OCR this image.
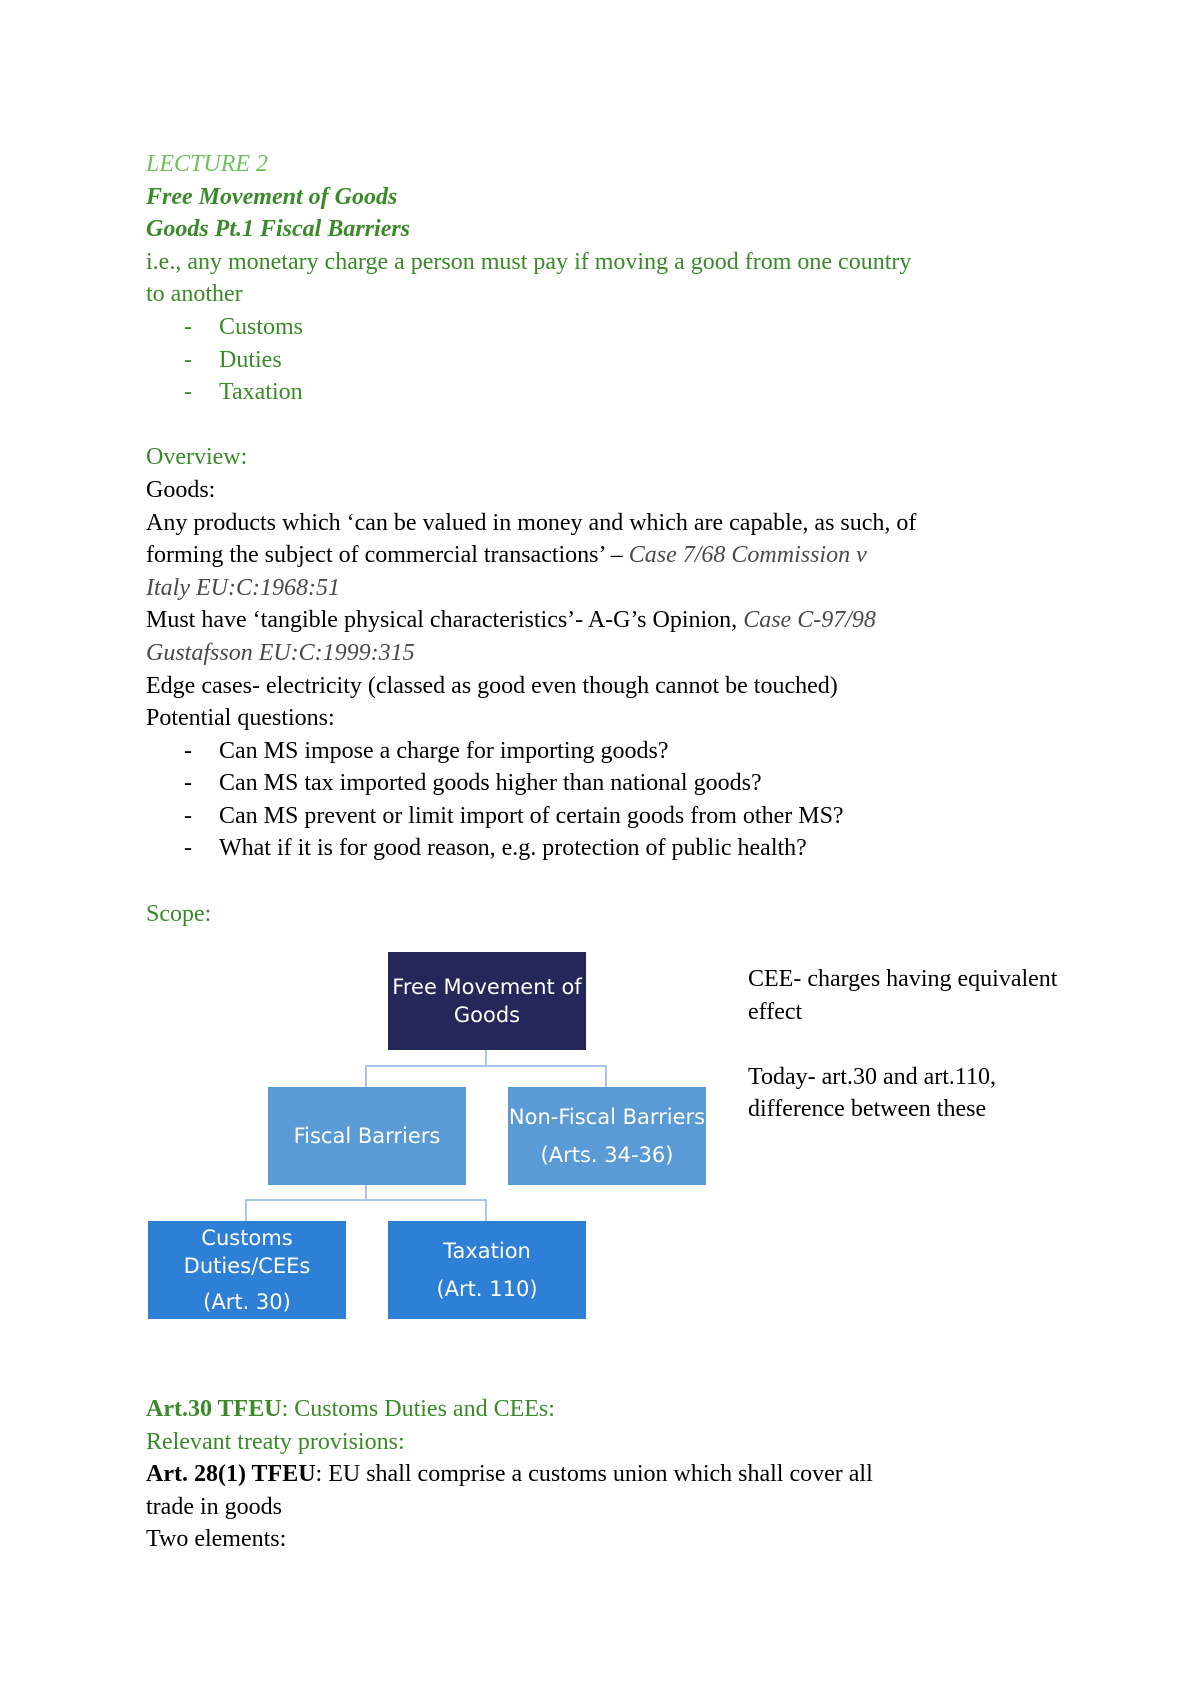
LECTURE 2

Free Movement of Goods

Goods Pt.1 Fiscal Barriers

i.e., any monetary charge a person must pay if moving a good from one country

to another

- Customs
- Duties
- Taxation

Overview:

Goods:

Any products which ‘can be valued in money and which are capable, as such, of

forming the subject of commercial transactions’ – Case 7/68 Commission v

Italy EU:C:1968:51

Must have ‘tangible physical characteristics’- A-G’s Opinion, Case C-97/98

Gustafsson EU:C:1999:315

Edge cases- electricity (classed as good even though cannot be touched)

Potential questions:

- Can MS impose a charge for importing goods?
- Can MS tax imported goods higher than national goods?
- Can MS prevent or limit import of certain goods from other MS?
- What if it is for good reason, e.g. protection of public health?

Scope:

Free Movement of
Goods
Fiscal Barriers
Non-Fiscal Barriers
(Arts. 34-36)
Customs
Duties/CEEs
(Art. 30)
Taxation
(Art. 110)

CEE- charges having equivalent effect

Today- art.30 and art.110, difference between these

Art.30 TFEU: Customs Duties and CEEs:

Relevant treaty provisions:

Art. 28(1) TFEU: EU shall comprise a customs union which shall cover all

trade in goods

Two elements:
